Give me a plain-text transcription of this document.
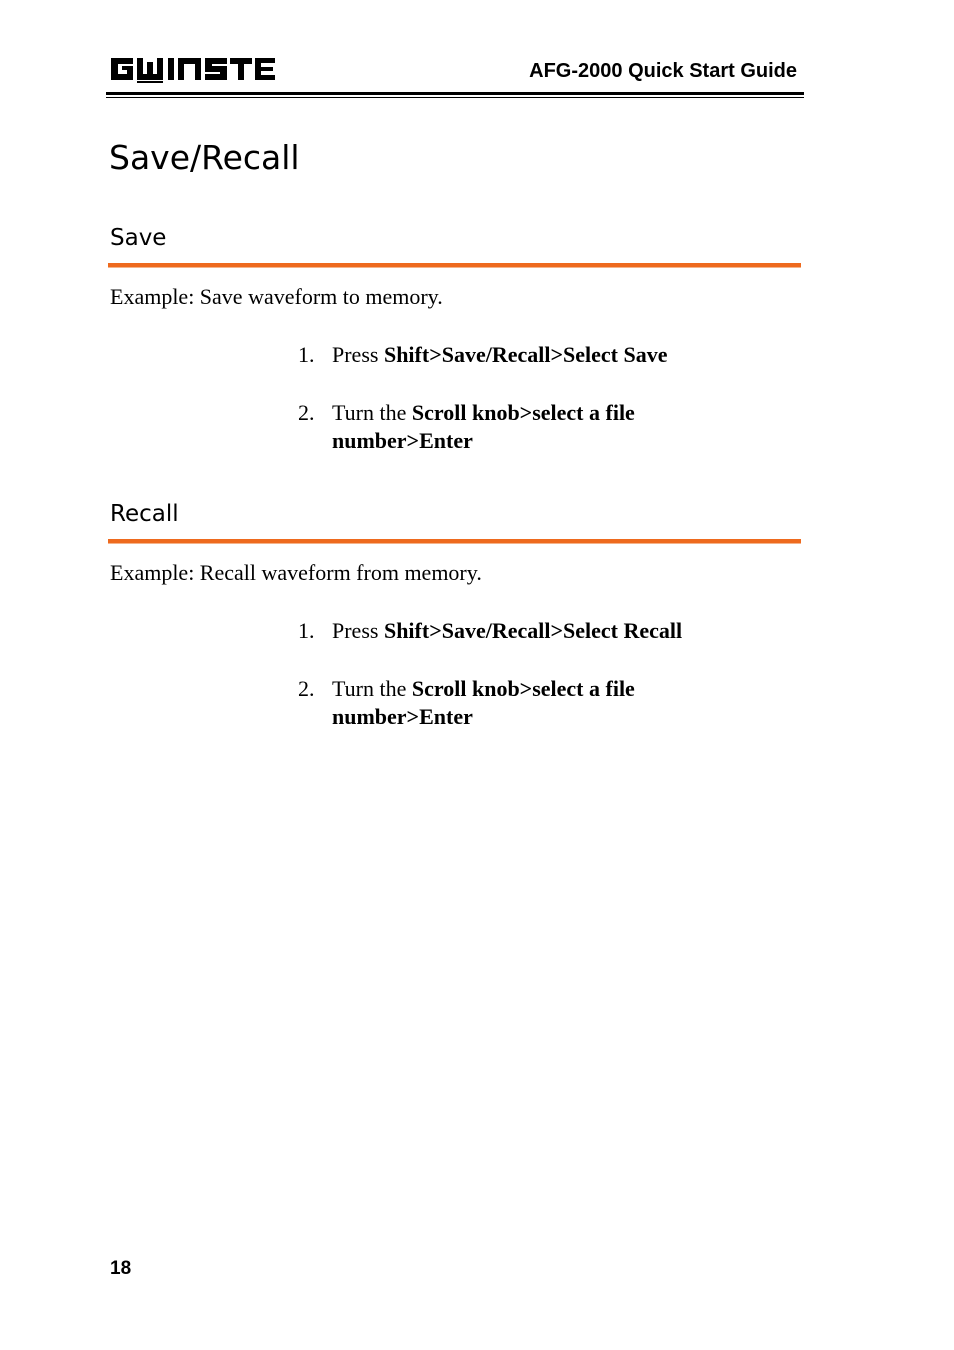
AFG-2000 Quick Start Guide
Save/Recall
Save
Example: Save waveform to memory.
1. Press Shift>Save/Recall>Select Save
2. Turn the Scroll knob>select a file
number>Enter
Recall
Example: Recall waveform from memory.
1. Press Shift>Save/Recall>Select Recall
2. Turn the Scroll knob>select a file
number>Enter
18
